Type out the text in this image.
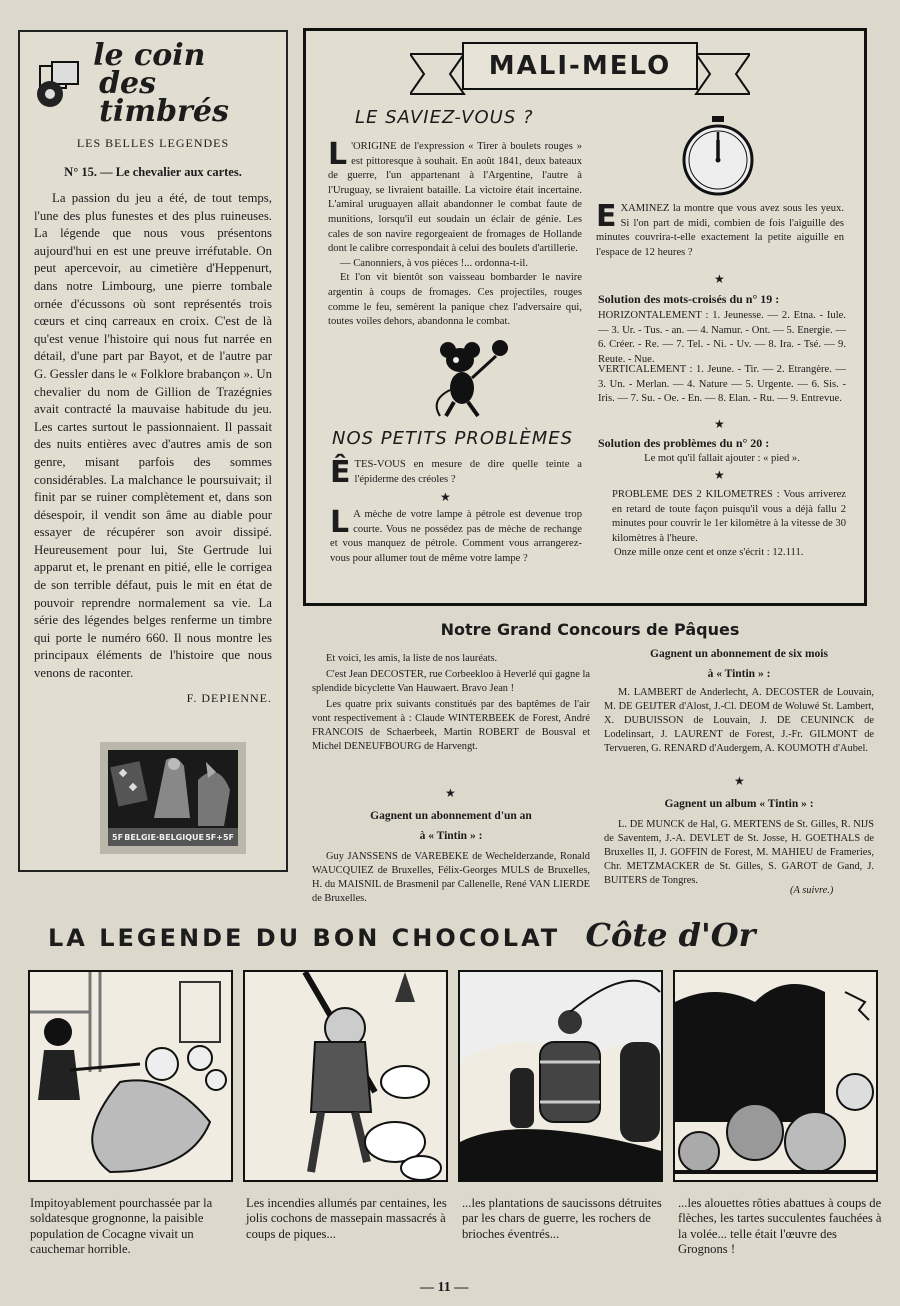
le coin
des timbrés
LES BELLES LEGENDES
N° 15. — Le chevalier aux cartes.
La passion du jeu a été, de tout temps, l'une des plus funestes et des plus ruineuses. La légende que nous vous présentons aujourd'hui en est une preuve irréfutable. On peut apercevoir, au cimetière d'Heppenurt, dans notre Limbourg, une pierre tombale ornée d'écussons où sont représentés trois cœurs et cinq carreaux en croix. C'est de là qu'est venue l'histoire qui nous fut narrée en détail, d'une part par Bayot, et de l'autre par G. Gessler dans le « Folklore brabançon ». Un chevalier du nom de Gillion de Trazégnies avait contracté la mauvaise habitude du jeu. Les cartes surtout le passionnaient. Il passait des nuits entières avec d'autres amis de son genre, misant parfois des sommes considérables. La malchance le poursuivait; il finit par se ruiner complètement et, dans son désespoir, il vendit son âme au diable pour essayer de récupérer son avoir dissipé. Heureusement pour lui, Ste Gertrude lui apparut et, le prenant en pitié, elle le corrigea de son terrible défaut, puis le mit en état de pouvoir reprendre normalement sa vie. La série des légendes belges renferme un timbre qui porte le numéro 660. Il nous montre les principaux éléments de l'histoire que nous venons de raconter.
F. DEPIENNE.
5F BELGIE·BELGIQUE 5F+5F
MALI-MELO
LE SAVIEZ-VOUS ?
L 'ORIGINE de l'expression « Tirer à boulets rouges » est pittoresque à souhait. En août 1841, deux bateaux de guerre, l'un appartenant à l'Argentine, l'autre à l'Uruguay, se livraient bataille. La victoire était incertaine. L'amiral uruguayen allait abandonner le combat faute de munitions, lorsqu'il eut soudain un éclair de génie. Les cales de son navire regorgeaient de fromages de Hollande dont le calibre correspondait à celui des boulets d'artillerie.
— Canonniers, à vos pièces !... ordonna-t-il.
Et l'on vit bientôt son vaisseau bombarder le navire argentin à coups de fromages. Ces projectiles, rouges comme le feu, semèrent la panique chez l'adversaire qui, toutes voiles dehors, abandonna le combat.
NOS PETITS PROBLÈMES
ÊTES-VOUS en mesure de dire quelle teinte a l'épiderme des créoles ?
★
L A mèche de votre lampe à pétrole est devenue trop courte. Vous ne possédez pas de mèche de rechange et vous manquez de pétrole. Comment vous arrangerez-vous pour allumer tout de même votre lampe ?
EXAMINEZ la montre que vous avez sous les yeux. Si l'on part de midi, combien de fois l'aiguille des minutes couvrira-t-elle exactement la petite aiguille en l'espace de 12 heures ?
★
Solution des mots-croisés du n° 19 :
HORIZONTALEMENT : 1. Jeunesse. — 2. Etna. - Iule. — 3. Ur. - Tus. - an. — 4. Namur. - Ont. — 5. Energie. — 6. Créer. - Re. — 7. Tel. - Ni. - Uv. — 8. Ira. - Tsé. — 9. Reute. - Nue.
VERTICALEMENT : 1. Jeune. - Tir. — 2. Etrangère. — 3. Un. - Merlan. — 4. Nature — 5. Urgente. — 6. Sis. - Iris. — 7. Su. - Oe. - En. — 8. Elan. - Ru. — 9. Entrevue.
★
Solution des problèmes du n° 20 :
Le mot qu'il fallait ajouter : « pied ».
★
PROBLEME DES 2 KILOMETRES : Vous arriverez en retard de toute façon puisqu'il vous a déjà fallu 2 minutes pour couvrir le 1er kilomètre à la vitesse de 30 kilomètres à l'heure.
Onze mille onze cent et onze s'écrit : 12.111.
Notre Grand Concours de Pâques
Et voici, les amis, la liste de nos lauréats.
C'est Jean DECOSTER, rue Corbeekloo à Heverlé qui gagne la splendide bicyclette Van Hauwaert. Bravo Jean !
Les quatre prix suivants constitués par des baptêmes de l'air vont respectivement à : Claude WINTERBEEK de Forest, André FRANCOIS de Schaerbeek, Martin ROBERT de Bousval et Michel DENEUFBOURG de Harvengt.
★
Gagnent un abonnement d'un an
à « Tintin » :
Guy JANSSENS de VAREBEKE de Wechelderzande, Ronald WAUCQUIEZ de Bruxelles, Félix-Georges MULS de Bruxelles, H. du MAISNIL de Brasmenil par Callenelle, René VAN LIERDE de Bruxelles.
Gagnent un abonnement de six mois
à « Tintin » :
M. LAMBERT de Anderlecht, A. DECOSTER de Louvain, M. DE GEIJTER d'Alost, J.-Cl. DEOM de Woluwé St. Lambert, X. DUBUISSON de Louvain, J. DE CEUNINCK de Lodelinsart, J. LAURENT de Forest, J.-Fr. GILMONT de Tervueren, G. RENARD d'Audergem, A. KOUMOTH d'Aubel.
★
Gagnent un album « Tintin » :
L. DE MUNCK de Hal, G. MERTENS de St. Gilles, R. NIJS de Saventem, J.-A. DEVLET de St. Josse, H. GOETHALS de Bruxelles II, J. GOFFIN de Forest, M. MAHIEU de Frameries, Chr. METZMACKER de St. Gilles, S. GAROT de Gand, J. BUITERS de Tongres.
(A suivre.)
LA LEGENDE DU BON CHOCOLAT Côte d'Or
Impitoyablement pourchassée par la soldatesque grognonne, la paisible population de Cocagne vivait un cauchemar horrible.
Les incendies allumés par centaines, les jolis cochons de massepain massacrés à coups de piques...
...les plantations de saucissons détruites par les chars de guerre, les rochers de brioches éventrés...
...les alouettes rôties abattues à coups de flèches, les tartes succulentes fauchées à la volée... telle était l'œuvre des Grognons !
— 11 —
